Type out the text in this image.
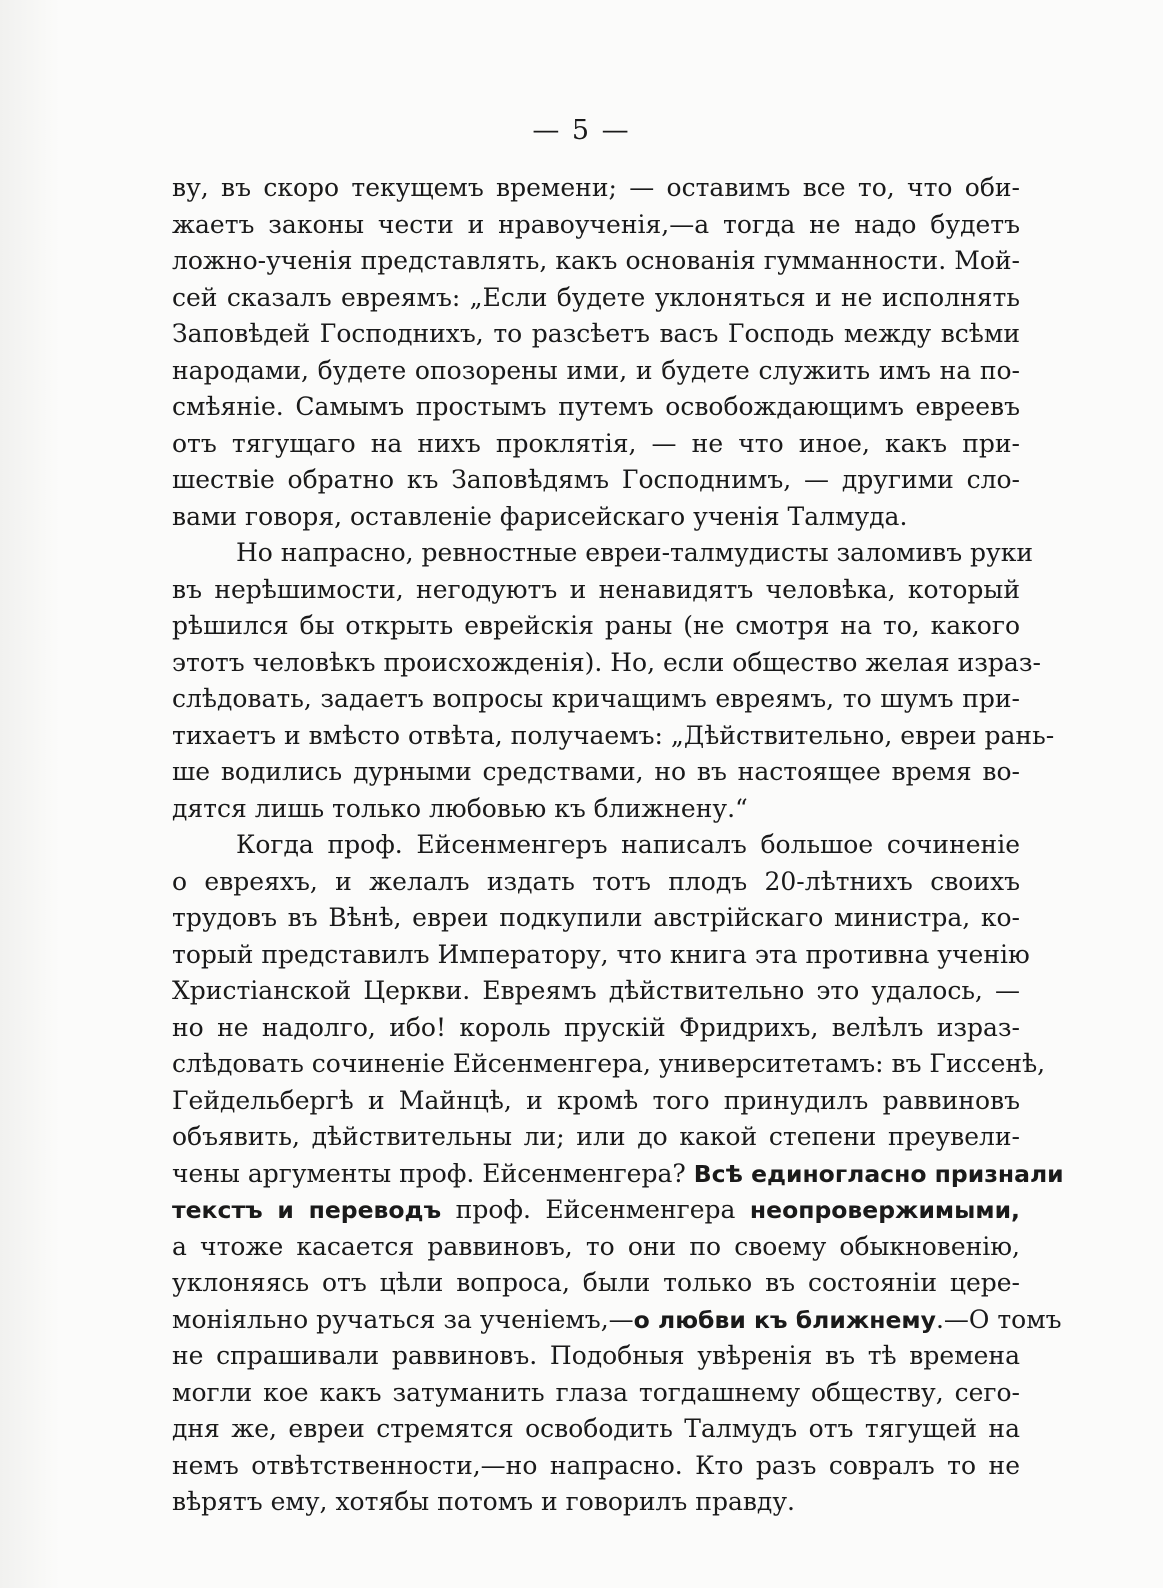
— 5 —
ву, въ скоро текущемъ времени; — оставимъ все то, что оби-
жаетъ законы чести и нравоученія,—а тогда не надо будетъ
ложно-ученія представлять, какъ основанія гумманности. Мой-
сей сказалъ евреямъ: „Если будете уклоняться и не исполнять
Заповѣдей Господнихъ, то разсѣетъ васъ Господь между всѣми
народами, будете опозорены ими, и будете служить имъ на по-
смѣяніе. Самымъ простымъ путемъ освобождающимъ евреевъ
отъ тягущаго на нихъ проклятія, — не что иное, какъ при-
шествіе обратно къ Заповѣдямъ Господнимъ, — другими сло-
вами говоря, оставленіе фарисейскаго ученія Талмуда.
Но напрасно, ревностные евреи-талмудисты заломивъ руки
въ нерѣшимости, негодуютъ и ненавидятъ человѣка, который
рѣшился бы открыть еврейскія раны (не смотря на то, какого
этотъ человѣкъ происхожденія). Но, если общество желая израз-
слѣдовать, задаетъ вопросы кричащимъ евреямъ, то шумъ при-
тихаетъ и вмѣсто отвѣта, получаемъ: „Дѣйствительно, евреи рань-
ше водились дурными средствами, но въ настоящее время во-
дятся лишь только любовью къ ближнену.“
Когда проф. Ейсенменгеръ написалъ большое сочиненіе
о евреяхъ, и желалъ издать тотъ плодъ 20-лѣтнихъ своихъ
трудовъ въ Вѣнѣ, евреи подкупили австрійскаго министра, ко-
торый представилъ Императору, что книга эта противна ученію
Христіанской Церкви. Евреямъ дѣйствительно это удалось, —
но не надолго, ибо! король прускій Фридрихъ, велѣлъ израз-
слѣдовать сочиненіе Ейсенменгера, университетамъ: въ Гиссенѣ,
Гейдельбергѣ и Майнцѣ, и кромѣ того принудилъ раввиновъ
объявить, дѣйствительны ли; или до какой степени преувели-
чены аргументы проф. Ейсенменгера? Всѣ единогласно признали
текстъ и переводъ проф. Ейсенменгера неопровержимыми,
а чтоже касается раввиновъ, то они по своему обыкновенію,
уклоняясь отъ цѣли вопроса, были только въ состояніи цере-
моніяльно ручаться за ученіемъ,—о любви къ ближнему.—О томъ
не спрашивали раввиновъ. Подобныя увѣренія въ тѣ времена
могли кое какъ затуманить глаза тогдашнему обществу, сего-
дня же, евреи стремятся освободить Талмудъ отъ тягущей на
немъ отвѣтственности,—но напрасно. Кто разъ совралъ то не
вѣрятъ ему, хотябы потомъ и говорилъ правду.
